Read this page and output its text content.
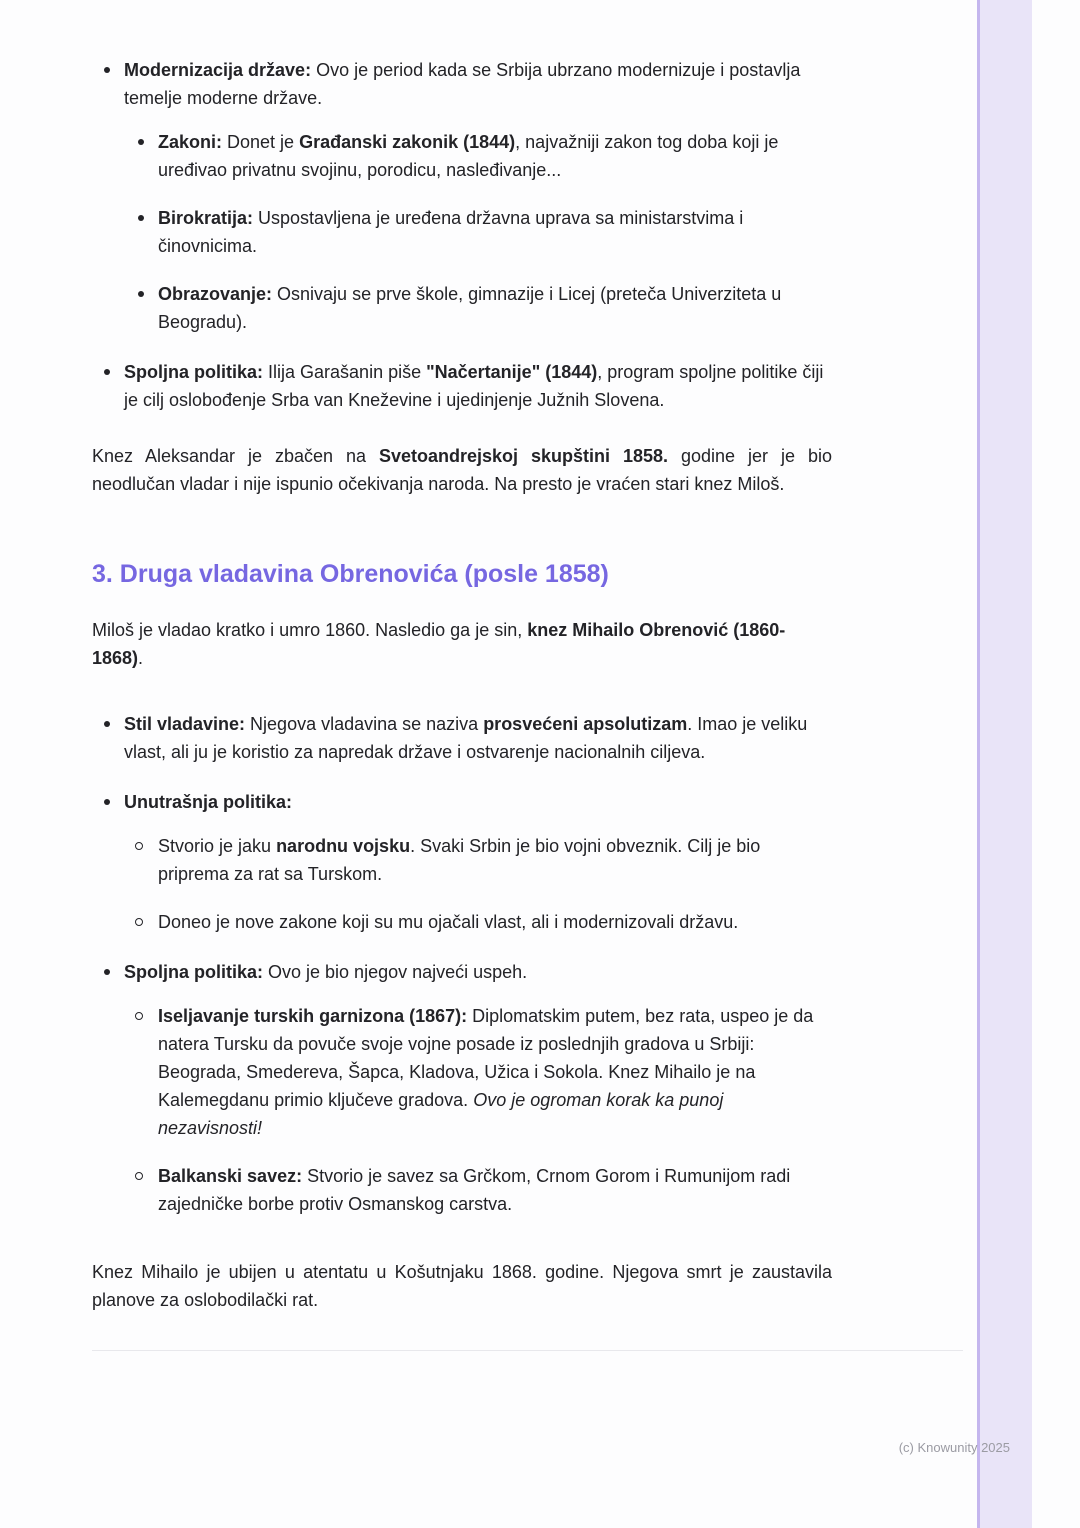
Modernizacija države: Ovo je period kada se Srbija ubrzano modernizuje i postavlja temelje moderne države.
Zakoni: Donet je Građanski zakonik (1844), najvažniji zakon tog doba koji je uređivao privatnu svojinu, porodicu, nasleđivanje...
Birokratija: Uspostavljena je uređena državna uprava sa ministarstvima i činovnicima.
Obrazovanje: Osnivaju se prve škole, gimnazije i Licej (preteča Univerziteta u Beogradu).
Spoljna politika: Ilija Garašanin piše "Načertanije" (1844), program spoljne politike čiji je cilj oslobođenje Srba van Kneževine i ujedinjenje Južnih Slovena.

Knez Aleksandar je zbačen na Svetoandrejskoj skupštini 1858. godine jer je bio neodlučan vladar i nije ispunio očekivanja naroda. Na presto je vraćen stari knez Miloš.

3. Druga vladavina Obrenovića (posle 1858)

Miloš je vladao kratko i umro 1860. Nasledio ga je sin, knez Mihailo Obrenović (1860-1868).

Stil vladavine: Njegova vladavina se naziva prosvećeni apsolutizam. Imao je veliku vlast, ali ju je koristio za napredak države i ostvarenje nacionalnih ciljeva.
Unutrašnja politika:
Stvorio je jaku narodnu vojsku. Svaki Srbin je bio vojni obveznik. Cilj je bio priprema za rat sa Turskom.
Doneo je nove zakone koji su mu ojačali vlast, ali i modernizovali državu.
Spoljna politika: Ovo je bio njegov najveći uspeh.
Iseljavanje turskih garnizona (1867): Diplomatskim putem, bez rata, uspeo je da natera Tursku da povuče svoje vojne posade iz poslednjih gradova u Srbiji: Beograda, Smedereva, Šapca, Kladova, Užica i Sokola. Knez Mihailo je na Kalemegdanu primio ključeve gradova. Ovo je ogroman korak ka punoj nezavisnosti!
Balkanski savez: Stvorio je savez sa Grčkom, Crnom Gorom i Rumunijom radi zajedničke borbe protiv Osmanskog carstva.

Knez Mihailo je ubijen u atentatu u Košutnjaku 1868. godine. Njegova smrt je zaustavila planove za oslobodilački rat.

(c) Knowunity 2025
